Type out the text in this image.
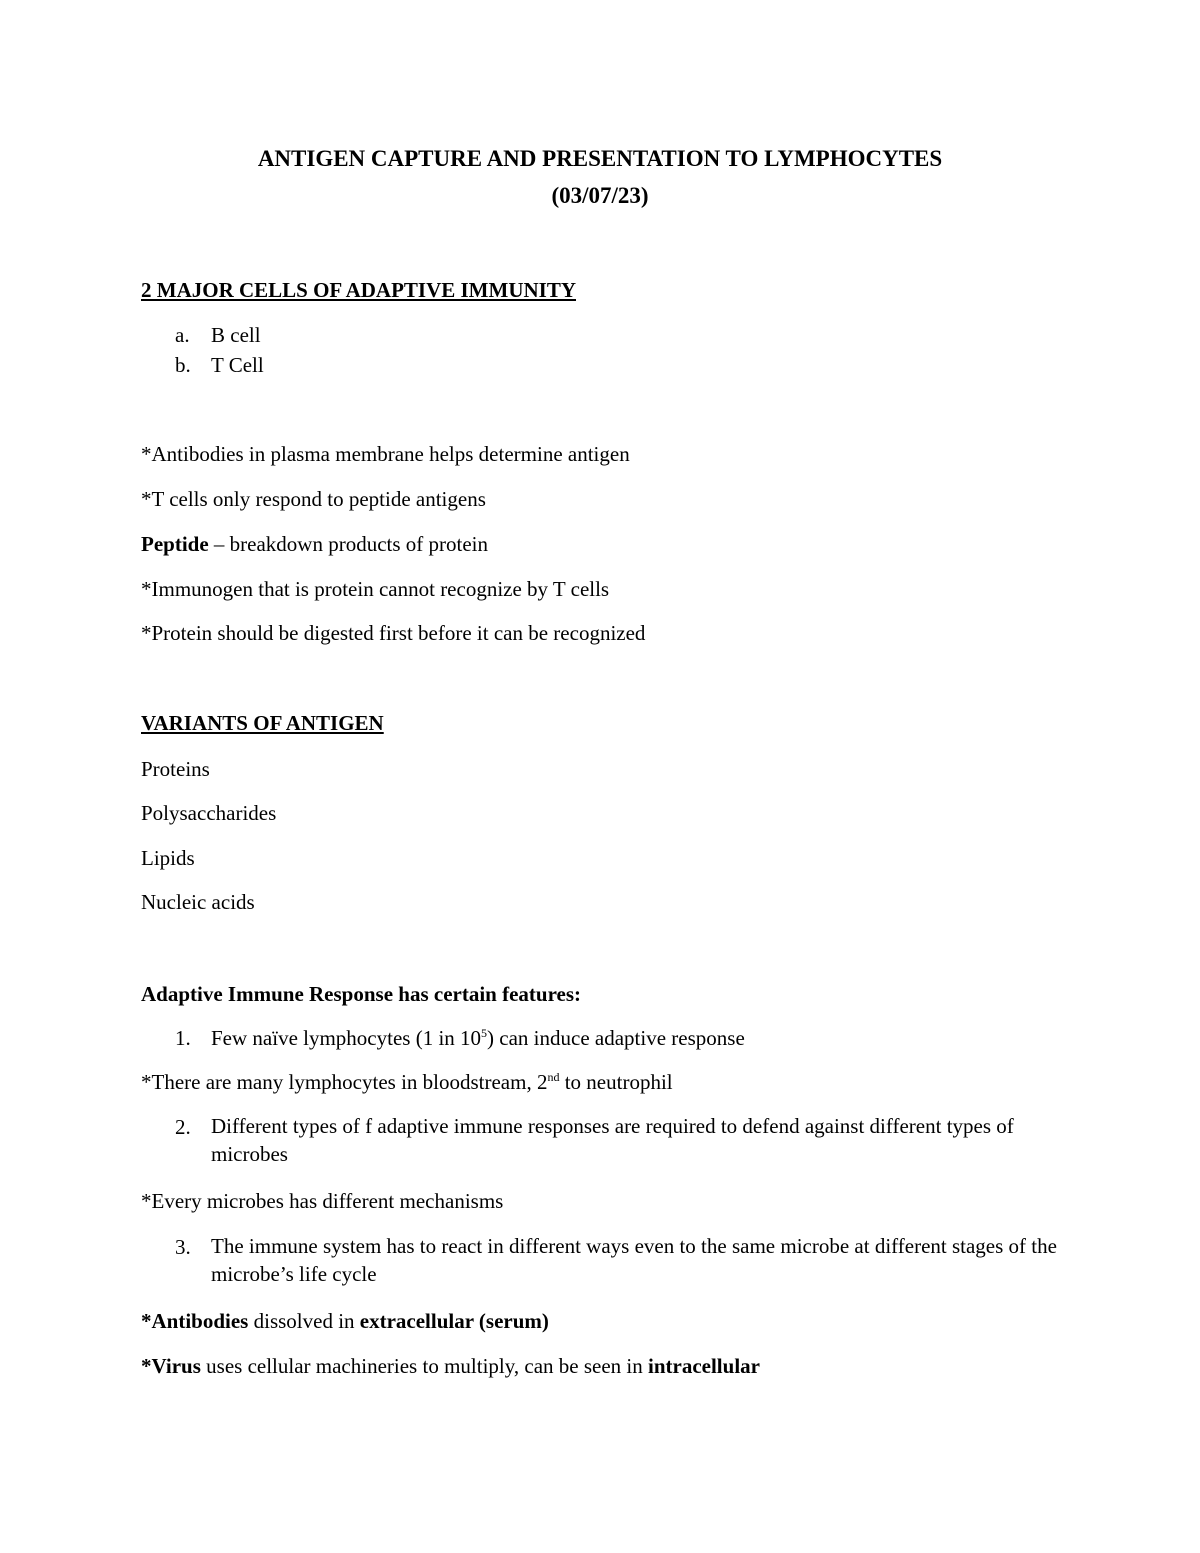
ANTIGEN CAPTURE AND PRESENTATION TO LYMPHOCYTES
(03/07/23)
2 MAJOR CELLS OF ADAPTIVE IMMUNITY
a. B cell
b. T Cell
*Antibodies in plasma membrane helps determine antigen
*T cells only respond to peptide antigens
Peptide – breakdown products of protein
*Immunogen that is protein cannot recognize by T cells
*Protein should be digested first before it can be recognized
VARIANTS OF ANTIGEN
Proteins
Polysaccharides
Lipids
Nucleic acids
Adaptive Immune Response has certain features:
1. Few naïve lymphocytes (1 in $10^5$) can induce adaptive response
*There are many lymphocytes in bloodstream, 2nd to neutrophil
2. Different types of f adaptive immune responses are required to defend against different types of microbes
*Every microbes has different mechanisms
3. The immune system has to react in different ways even to the same microbe at different stages of the microbe’s life cycle
*Antibodies dissolved in extracellular (serum)
*Virus uses cellular machineries to multiply, can be seen in intracellular
